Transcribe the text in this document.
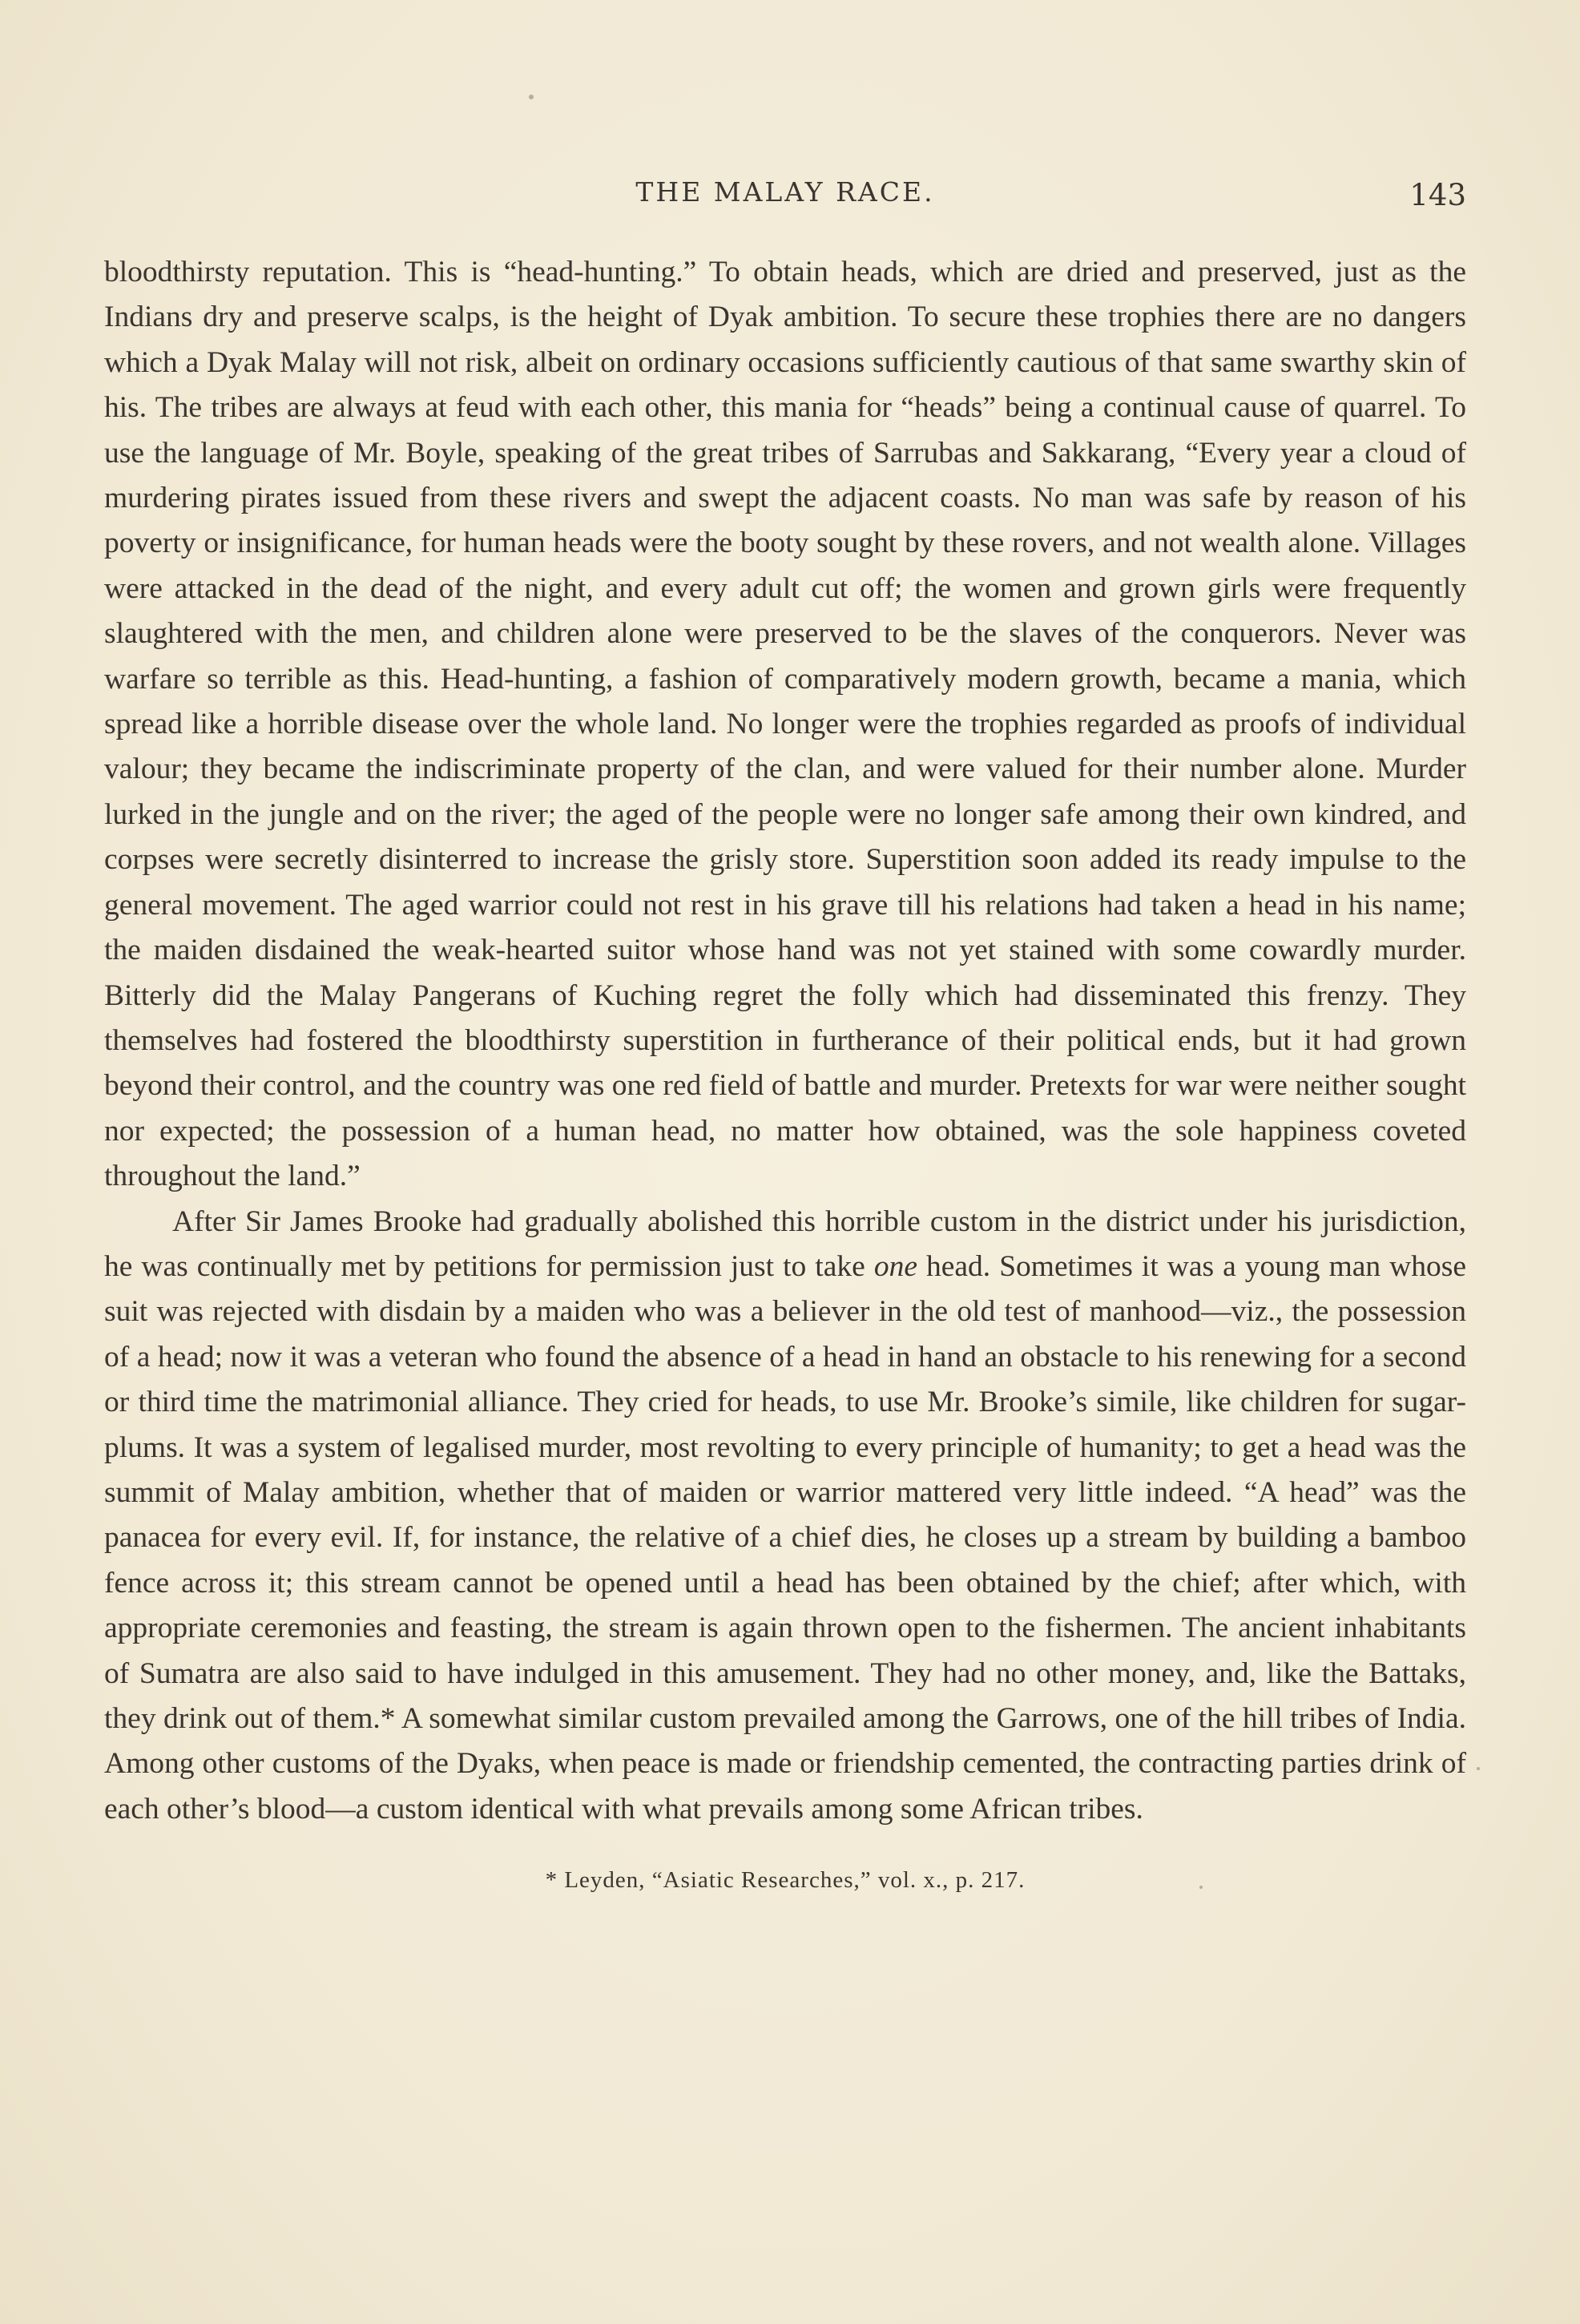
THE MALAY RACE.	143

bloodthirsty reputation. This is “head-hunting.” To obtain heads, which are dried and preserved, just as the Indians dry and preserve scalps, is the height of Dyak ambition. To secure these trophies there are no dangers which a Dyak Malay will not risk, albeit on ordinary occasions sufficiently cautious of that same swarthy skin of his. The tribes are always at feud with each other, this mania for “heads” being a continual cause of quarrel. To use the language of Mr. Boyle, speaking of the great tribes of Sarrubas and Sakkarang, “Every year a cloud of murdering pirates issued from these rivers and swept the adjacent coasts. No man was safe by reason of his poverty or insignificance, for human heads were the booty sought by these rovers, and not wealth alone. Villages were attacked in the dead of the night, and every adult cut off; the women and grown girls were frequently slaughtered with the men, and children alone were preserved to be the slaves of the conquerors. Never was warfare so terrible as this. Head-hunting, a fashion of comparatively modern growth, became a mania, which spread like a horrible disease over the whole land. No longer were the trophies regarded as proofs of individual valour; they became the indiscriminate property of the clan, and were valued for their number alone. Murder lurked in the jungle and on the river; the aged of the people were no longer safe among their own kindred, and corpses were secretly disinterred to increase the grisly store. Superstition soon added its ready impulse to the general movement. The aged warrior could not rest in his grave till his relations had taken a head in his name; the maiden disdained the weak-hearted suitor whose hand was not yet stained with some cowardly murder. Bitterly did the Malay Pangerans of Kuching regret the folly which had disseminated this frenzy. They themselves had fostered the bloodthirsty superstition in furtherance of their political ends, but it had grown beyond their control, and the country was one red field of battle and murder. Pretexts for war were neither sought nor expected; the possession of a human head, no matter how obtained, was the sole happiness coveted throughout the land.”

After Sir James Brooke had gradually abolished this horrible custom in the district under his jurisdiction, he was continually met by petitions for permission just to take one head. Sometimes it was a young man whose suit was rejected with disdain by a maiden who was a believer in the old test of manhood—viz., the possession of a head; now it was a veteran who found the absence of a head in hand an obstacle to his renewing for a second or third time the matrimonial alliance. They cried for heads, to use Mr. Brooke’s simile, like children for sugar-plums. It was a system of legalised murder, most revolting to every principle of humanity; to get a head was the summit of Malay ambition, whether that of maiden or warrior mattered very little indeed. “A head” was the panacea for every evil. If, for instance, the relative of a chief dies, he closes up a stream by building a bamboo fence across it; this stream cannot be opened until a head has been obtained by the chief; after which, with appropriate ceremonies and feasting, the stream is again thrown open to the fishermen. The ancient inhabitants of Sumatra are also said to have indulged in this amusement. They had no other money, and, like the Battaks, they drink out of them.* A somewhat similar custom prevailed among the Garrows, one of the hill tribes of India. Among other customs of the Dyaks, when peace is made or friendship cemented, the contracting parties drink of each other’s blood—a custom identical with what prevails among some African tribes.

* Leyden, “Asiatic Researches,” vol. x., p. 217.
